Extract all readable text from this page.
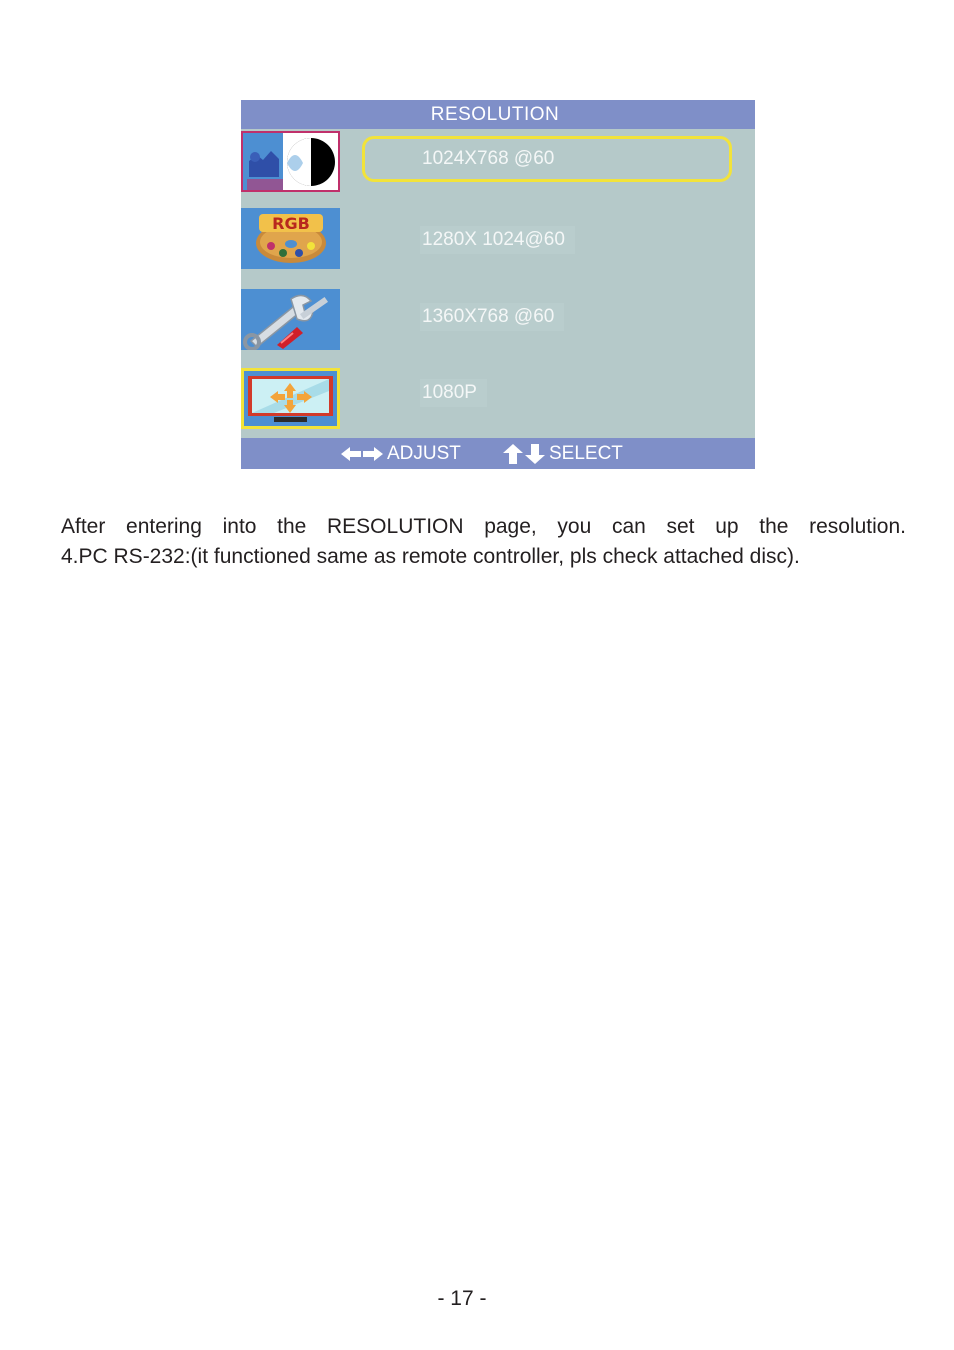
RESOLUTION
RGB
1024X768 @60
1280X 1024@60
1360X768 @60
1080P
ADJUST	SELECT

After entering into the RESOLUTION page, you can set up the resolution.

4.PC RS-232:(it functioned same as remote controller, pls check attached disc).

- 17 -
